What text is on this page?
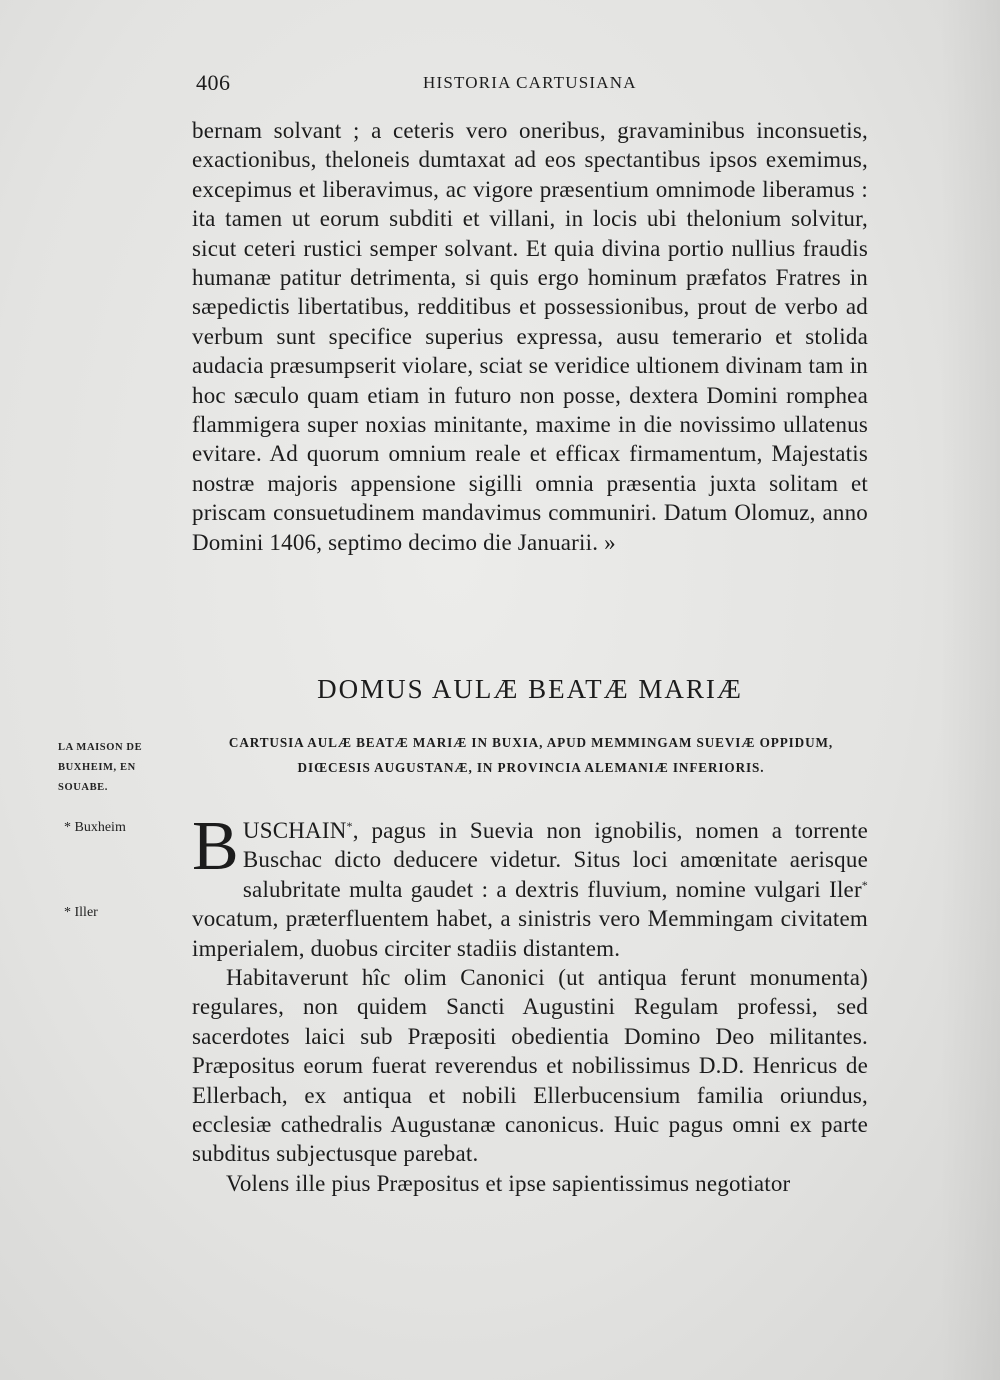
406	HISTORIA CARTUSIANA

bernam solvant ; a ceteris vero oneribus, gravaminibus inconsuetis, exactionibus, theloneis dumtaxat ad eos spectantibus ipsos exemimus, excepimus et liberavimus, ac vigore præsentium omnimode liberamus : ita tamen ut eorum subditi et villani, in locis ubi thelonium solvitur, sicut ceteri rustici semper solvant. Et quia divina portio nullius fraudis humanæ patitur detrimenta, si quis ergo hominum præfatos Fratres in sæpedictis libertatibus, redditibus et possessionibus, prout de verbo ad verbum sunt specifice superius expressa, ausu temerario et stolida audacia præsumpserit violare, sciat se veridice ultionem divinam tam in hoc sæculo quam etiam in futuro non posse, dextera Domini romphea flammigera super noxias minitante, maxime in die novissimo ullatenus evitare. Ad quorum omnium reale et efficax firmamentum, Majestatis nostræ majoris appensione sigilli omnia præsentia juxta solitam et priscam consuetudinem mandavimus communiri. Datum Olomuz, anno Domini 1406, septimo decimo die Januarii. »

DOMUS AULÆ BEATÆ MARIÆ
CARTUSIA AULÆ BEATÆ MARIÆ IN BUXIA, APUD MEMMINGAM SUEVIÆ OPPIDUM,
DIŒCESIS AUGUSTANÆ, IN PROVINCIA ALEMANIÆ INFERIORIS.
LA MAISON DE BUXHEIM, EN SOUABE.
* Buxheim
* Iller

BUSCHAIN*, pagus in Suevia non ignobilis, nomen a torrente Buschac dicto deducere videtur. Situs loci amœnitate aerisque salubritate multa gaudet : a dextris fluvium, nomine vulgari Iler* vocatum, præterfluentem habet, a sinistris vero Memmingam civitatem imperialem, duobus circiter stadiis distantem.

Habitaverunt hîc olim Canonici (ut antiqua ferunt monumenta) regulares, non quidem Sancti Augustini Regulam professi, sed sacerdotes laici sub Præpositi obedientia Domino Deo militantes. Præpositus eorum fuerat reverendus et nobilissimus D.D. Henricus de Ellerbach, ex antiqua et nobili Ellerbucensium familia oriundus, ecclesiæ cathedralis Augustanæ canonicus. Huic pagus omni ex parte subditus subjectusque parebat.

Volens ille pius Præpositus et ipse sapientissimus negotiator
